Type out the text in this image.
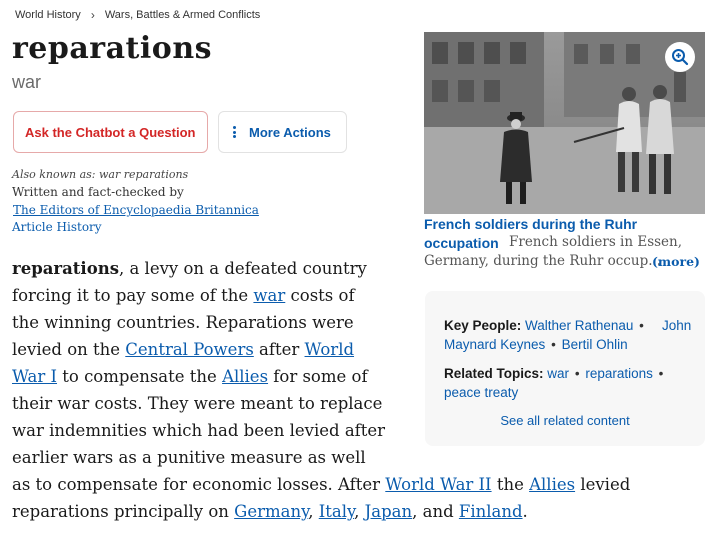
World History › Wars, Battles & Armed Conflicts
reparations
war
Ask the Chatbot a Question	More Actions
Also known as: war reparations
Written and fact-checked by
The Editors of Encyclopaedia Britannica
Article History
reparations, a levy on a defeated country
forcing it to pay some of the war costs of
the winning countries. Reparations were
levied on the Central Powers after World
War I to compensate the Allies for some of
their war costs. They were meant to replace
war indemnities which had been levied after
earlier wars as a punitive measure as well
as to compensate for economic losses. After World War II the Allies levied
reparations principally on Germany, Italy, Japan, and Finland.
French soldiers during the Ruhr occupation French soldiers in Essen,
Germany, during the Ruhr occup...
(more)
Key People: Walther Rathenau • John
Maynard Keynes • Bertil Ohlin
Related Topics: war • reparations •
peace treaty
See all related content
